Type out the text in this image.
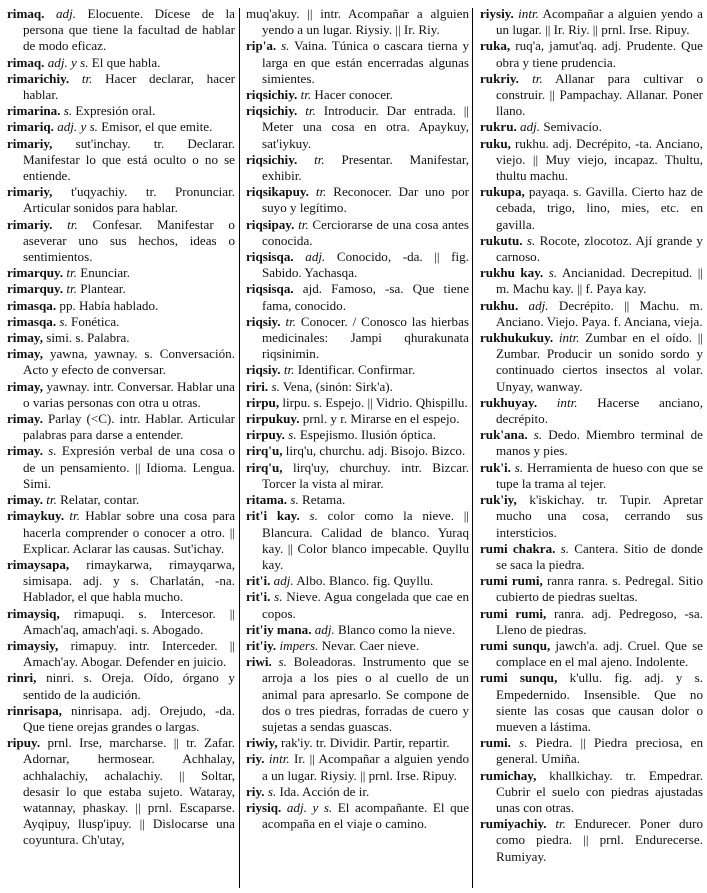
rimaq. adj. Elocuente. Dícese de la persona que tiene la facultad de hablar de modo eficaz.

rimaq. adj. y s. El que habla.

rimarichiy. tr. Hacer declarar, hacer hablar.

rimarina. s. Expresión oral.

rimariq. adj. y s. Emisor, el que emite.

rimariy, sut'inchay. tr. Declarar. Manifestar lo que está oculto o no se entiende.

rimariy, t'uqyachiy. tr. Pronunciar. Articular sonidos para hablar.

rimariy. tr. Confesar. Manifestar o aseverar uno sus hechos, ideas o sentimientos.

rimarquy. tr. Enunciar.

rimarquy. tr. Plantear.

rimasqa. pp. Había hablado.

rimasqa. s. Fonética.

rimay, simi. s. Palabra.

rimay, yawna, yawnay. s. Conversación. Acto y efecto de conversar.

rimay, yawnay. intr. Conversar. Hablar una o varias personas con otra u otras.

rimay. Parlay (<C). intr. Hablar. Articular palabras para darse a entender.

rimay. s. Expresión verbal de una cosa o de un pensamiento. || Idioma. Lengua. Simi.

rimay. tr. Relatar, contar.

rimaykuy. tr. Hablar sobre una cosa para hacerla comprender o conocer a otro. || Explicar. Aclarar las causas. Sut'ichay.

rimaysapa, rimaykarwa, rimayqarwa, simisapa. adj. y s. Charlatán, -na. Hablador, el que habla mucho.

rimaysiq, rimapuqi. s. Intercesor. || Amach'aq, amach'aqi. s. Abogado.

rimaysiy, rimapuy. intr. Interceder. || Amach'ay. Abogar. Defender en juicio.

rinri, ninri. s. Oreja. Oído, órgano y sentido de la audición.

rinrisapa, ninrisapa. adj. Orejudo, -da. Que tiene orejas grandes o largas.

ripuy. prnl. Irse, marcharse. || tr. Zafar. Adornar, hermosear. Achhalay, achhalachiy, achalachiy. || Soltar, desasir lo que estaba sujeto. Wataray, watannay, phaskay. || prnl. Escaparse. Ayqipuy, llusp'ipuy. || Dislocarse una coyuntura. Ch'utay,

muq'akuy. || intr. Acompañar a alguien yendo a un lugar. Riysiy. || Ir. Riy.

rip'a. s. Vaina. Túnica o cascara tierna y larga en que están encerradas algunas simientes.

riqsichiy. tr. Hacer conocer.

riqsichiy. tr. Introducir. Dar entrada. || Meter una cosa en otra. Apaykuy, sat'iykuy.

riqsichiy. tr. Presentar. Manifestar, exhibir.

riqsikapuy. tr. Reconocer. Dar uno por suyo y legítimo.

riqsipay. tr. Cerciorarse de una cosa antes conocida.

riqsisqa. adj. Conocido, -da. || fig. Sabido. Yachasqa.

riqsisqa. ajd. Famoso, -sa. Que tiene fama, conocido.

riqsiy. tr. Conocer. / Conosco las hierbas medicinales: Jampi qhurakunata riqsinimin.

riqsiy. tr. Identificar. Confirmar.

riri. s. Vena, (sinón: Sirk'a).

rirpu, lirpu. s. Espejo. || Vidrio. Qhispillu.

rirpukuy. prnl. y r. Mirarse en el espejo.

rirpuy. s. Espejismo. Ilusión óptica.

rirq'u, lirq'u, churchu. adj. Bisojo. Bizco.

rirq'u, lirq'uy, churchuy. intr. Bizcar. Torcer la vista al mirar.

ritama. s. Retama.

rit'i kay. s. color como la nieve. || Blancura. Calidad de blanco. Yuraq kay. || Color blanco impecable. Quyllu kay.

rit'i. adj. Albo. Blanco. fig. Quyllu.

rit'i. s. Nieve. Agua congelada que cae en copos.

rit'iy mana. adj. Blanco como la nieve.

rit'iy. impers. Nevar. Caer nieve.

riwi. s. Boleadoras. Instrumento que se arroja a los pies o al cuello de un animal para apresarlo. Se compone de dos o tres piedras, forradas de cuero y sujetas a sendas guascas.

riwiy, rak'iy. tr. Dividir. Partir, repartir.

riy. intr. Ir. || Acompañar a alguien yendo a un lugar. Riysiy. || prnl. Irse. Ripuy.

riy. s. Ida. Acción de ir.

riysiq. adj. y s. El acompañante. El que acompaña en el viaje o camino.

riysiy. intr. Acompañar a alguien yendo a un lugar. || Ir. Riy. || prnl. Irse. Ripuy.

ruka, ruq'a, jamut'aq. adj. Prudente. Que obra y tiene prudencia.

rukriy. tr. Allanar para cultivar o construir. || Pampachay. Allanar. Poner llano.

rukru. adj. Semivacío.

ruku, rukhu. adj. Decrépito, -ta. Anciano, viejo. || Muy viejo, incapaz. Thultu, thultu machu.

rukupa, payaqa. s. Gavilla. Cierto haz de cebada, trigo, lino, mies, etc. en gavilla.

rukutu. s. Rocote, zlocotoz. Ají grande y carnoso.

rukhu kay. s. Ancianidad. Decrepitud. || m. Machu kay. || f. Paya kay.

rukhu. adj. Decrépito. || Machu. m. Anciano. Viejo. Paya. f. Anciana, vieja.

rukhukukuy. intr. Zumbar en el oído. || Zumbar. Producir un sonido sordo y continuado ciertos insectos al volar. Unyay, wanway.

rukhuyay. intr. Hacerse anciano, decrépito.

ruk'ana. s. Dedo. Miembro terminal de manos y pies.

ruk'i. s. Herramienta de hueso con que se tupe la trama al tejer.

ruk'iy, k'iskichay. tr. Tupir. Apretar mucho una cosa, cerrando sus intersticios.

rumi chakra. s. Cantera. Sitio de donde se saca la piedra.

rumi rumi, ranra ranra. s. Pedregal. Sitio cubierto de piedras sueltas.

rumi rumi, ranra. adj. Pedregoso, -sa. Lleno de piedras.

rumi sunqu, jawch'a. adj. Cruel. Que se complace en el mal ajeno. Indolente.

rumi sunqu, k'ullu. fig. adj. y s. Empedernido. Insensible. Que no siente las cosas que causan dolor o mueven a lástima.

rumi. s. Piedra. || Piedra preciosa, en general. Umiña.

rumichay, khallkichay. tr. Empedrar. Cubrir el suelo con piedras ajustadas unas con otras.

rumiyachiy. tr. Endurecer. Poner duro como piedra. || prnl. Endurecerse. Rumiyay.
